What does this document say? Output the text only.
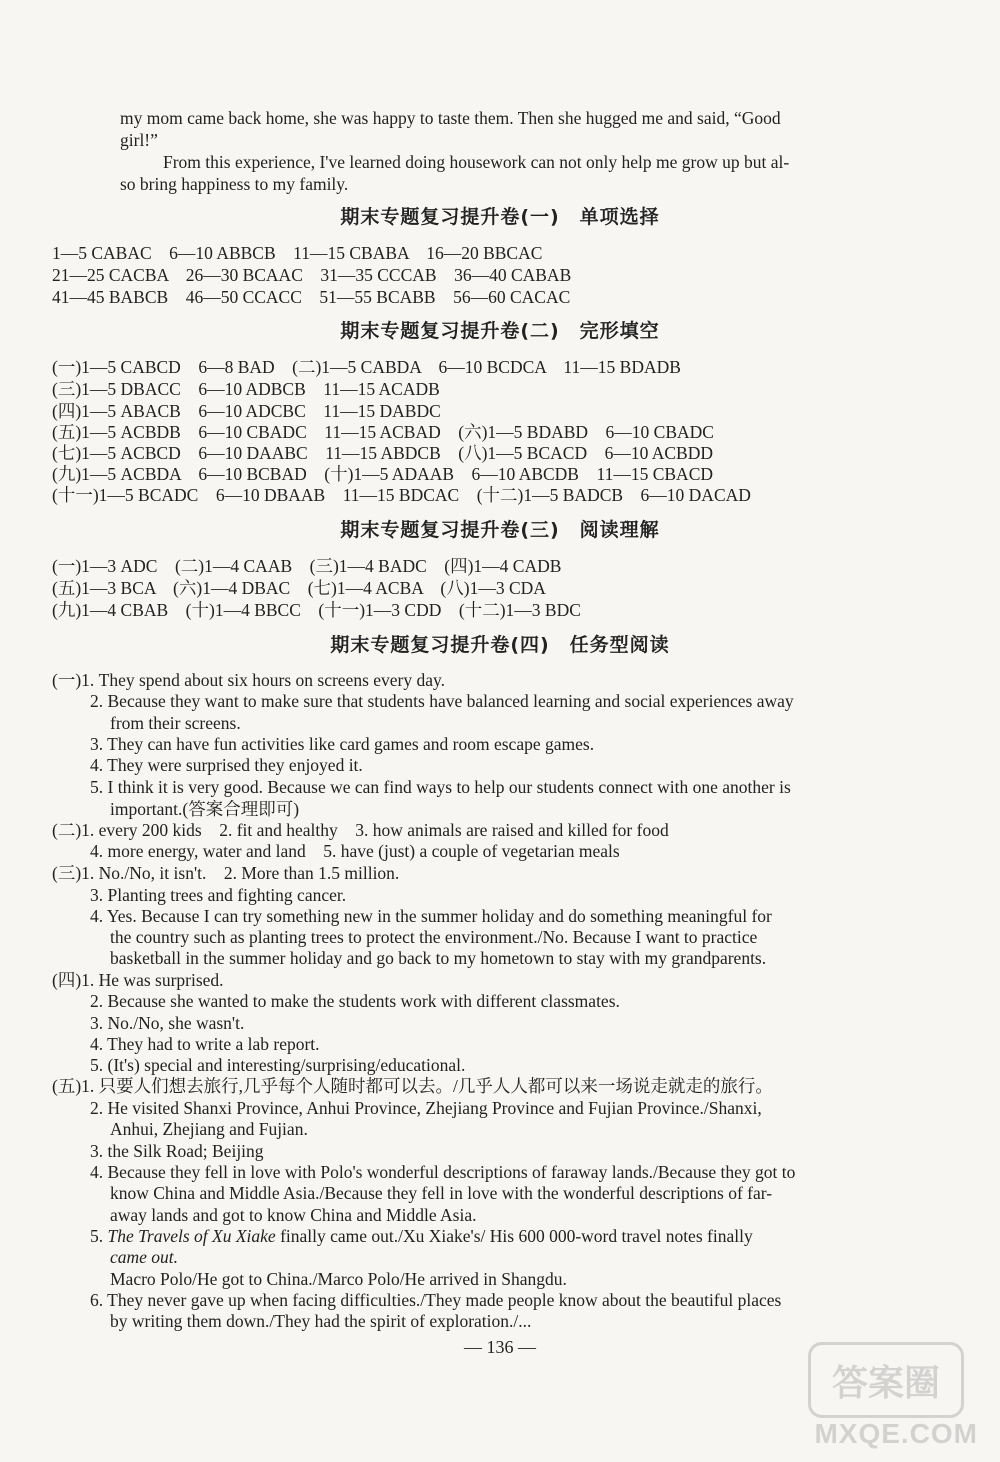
my mom came back home, she was happy to taste them. Then she hugged me and said, “Good
girl!”
From this experience, I've learned doing housework can not only help me grow up but al-
so bring happiness to my family.
期末专题复习提升卷(一)　单项选择
1—5 CABAC　6—10 ABBCB　11—15 CBABA　16—20 BBCAC
21—25 CACBA　26—30 BCAAC　31—35 CCCAB　36—40 CABAB
41—45 BABCB　46—50 CCACC　51—55 BCABB　56—60 CACAC
期末专题复习提升卷(二)　完形填空
(一)1—5 CABCD　6—8 BAD　(二)1—5 CABDA　6—10 BCDCA　11—15 BDADB
(三)1—5 DBACC　6—10 ADBCB　11—15 ACADB
(四)1—5 ABACB　6—10 ADCBC　11—15 DABDC
(五)1—5 ACBDB　6—10 CBADC　11—15 ACBAD　(六)1—5 BDABD　6—10 CBADC
(七)1—5 ACBCD　6—10 DAABC　11—15 ABDCB　(八)1—5 BCACD　6—10 ACBDD
(九)1—5 ACBDA　6—10 BCBAD　(十)1—5 ADAAB　6—10 ABCDB　11—15 CBACD
(十一)1—5 BCADC　6—10 DBAAB　11—15 BDCAC　(十二)1—5 BADCB　6—10 DACAD
期末专题复习提升卷(三)　阅读理解
(一)1—3 ADC　(二)1—4 CAAB　(三)1—4 BADC　(四)1—4 CADB
(五)1—3 BCA　(六)1—4 DBAC　(七)1—4 ACBA　(八)1—3 CDA
(九)1—4 CBAB　(十)1—4 BBCC　(十一)1—3 CDD　(十二)1—3 BDC
期末专题复习提升卷(四)　任务型阅读
(一)1. They spend about six hours on screens every day.
2. Because they want to make sure that students have balanced learning and social experiences away
from their screens.
3. They can have fun activities like card games and room escape games.
4. They were surprised they enjoyed it.
5. I think it is very good. Because we can find ways to help our students connect with one another is
important.(答案合理即可)
(二)1. every 200 kids　2. fit and healthy　3. how animals are raised and killed for food
4. more energy, water and land　5. have (just) a couple of vegetarian meals
(三)1. No./No, it isn't.　2. More than 1.5 million.
3. Planting trees and fighting cancer.
4. Yes. Because I can try something new in the summer holiday and do something meaningful for
the country such as planting trees to protect the environment./No. Because I want to practice
basketball in the summer holiday and go back to my hometown to stay with my grandparents.
(四)1. He was surprised.
2. Because she wanted to make the students work with different classmates.
3. No./No, she wasn't.
4. They had to write a lab report.
5. (It's) special and interesting/surprising/educational.
(五)1. 只要人们想去旅行,几乎每个人随时都可以去。/几乎人人都可以来一场说走就走的旅行。
2. He visited Shanxi Province, Anhui Province, Zhejiang Province and Fujian Province./Shanxi,
Anhui, Zhejiang and Fujian.
3. the Silk Road; Beijing
4. Because they fell in love with Polo's wonderful descriptions of faraway lands./Because they got to
know China and Middle Asia./Because they fell in love with the wonderful descriptions of far-
away lands and got to know China and Middle Asia.
5. The Travels of Xu Xiake finally came out./Xu Xiake's/ His 600 000-word travel notes finally
came out.
Macro Polo/He got to China./Marco Polo/He arrived in Shangdu.
6. They never gave up when facing difficulties./They made people know about the beautiful places
by writing them down./They had the spirit of exploration./...
— 136 —
答案圈
MXQE.COM
